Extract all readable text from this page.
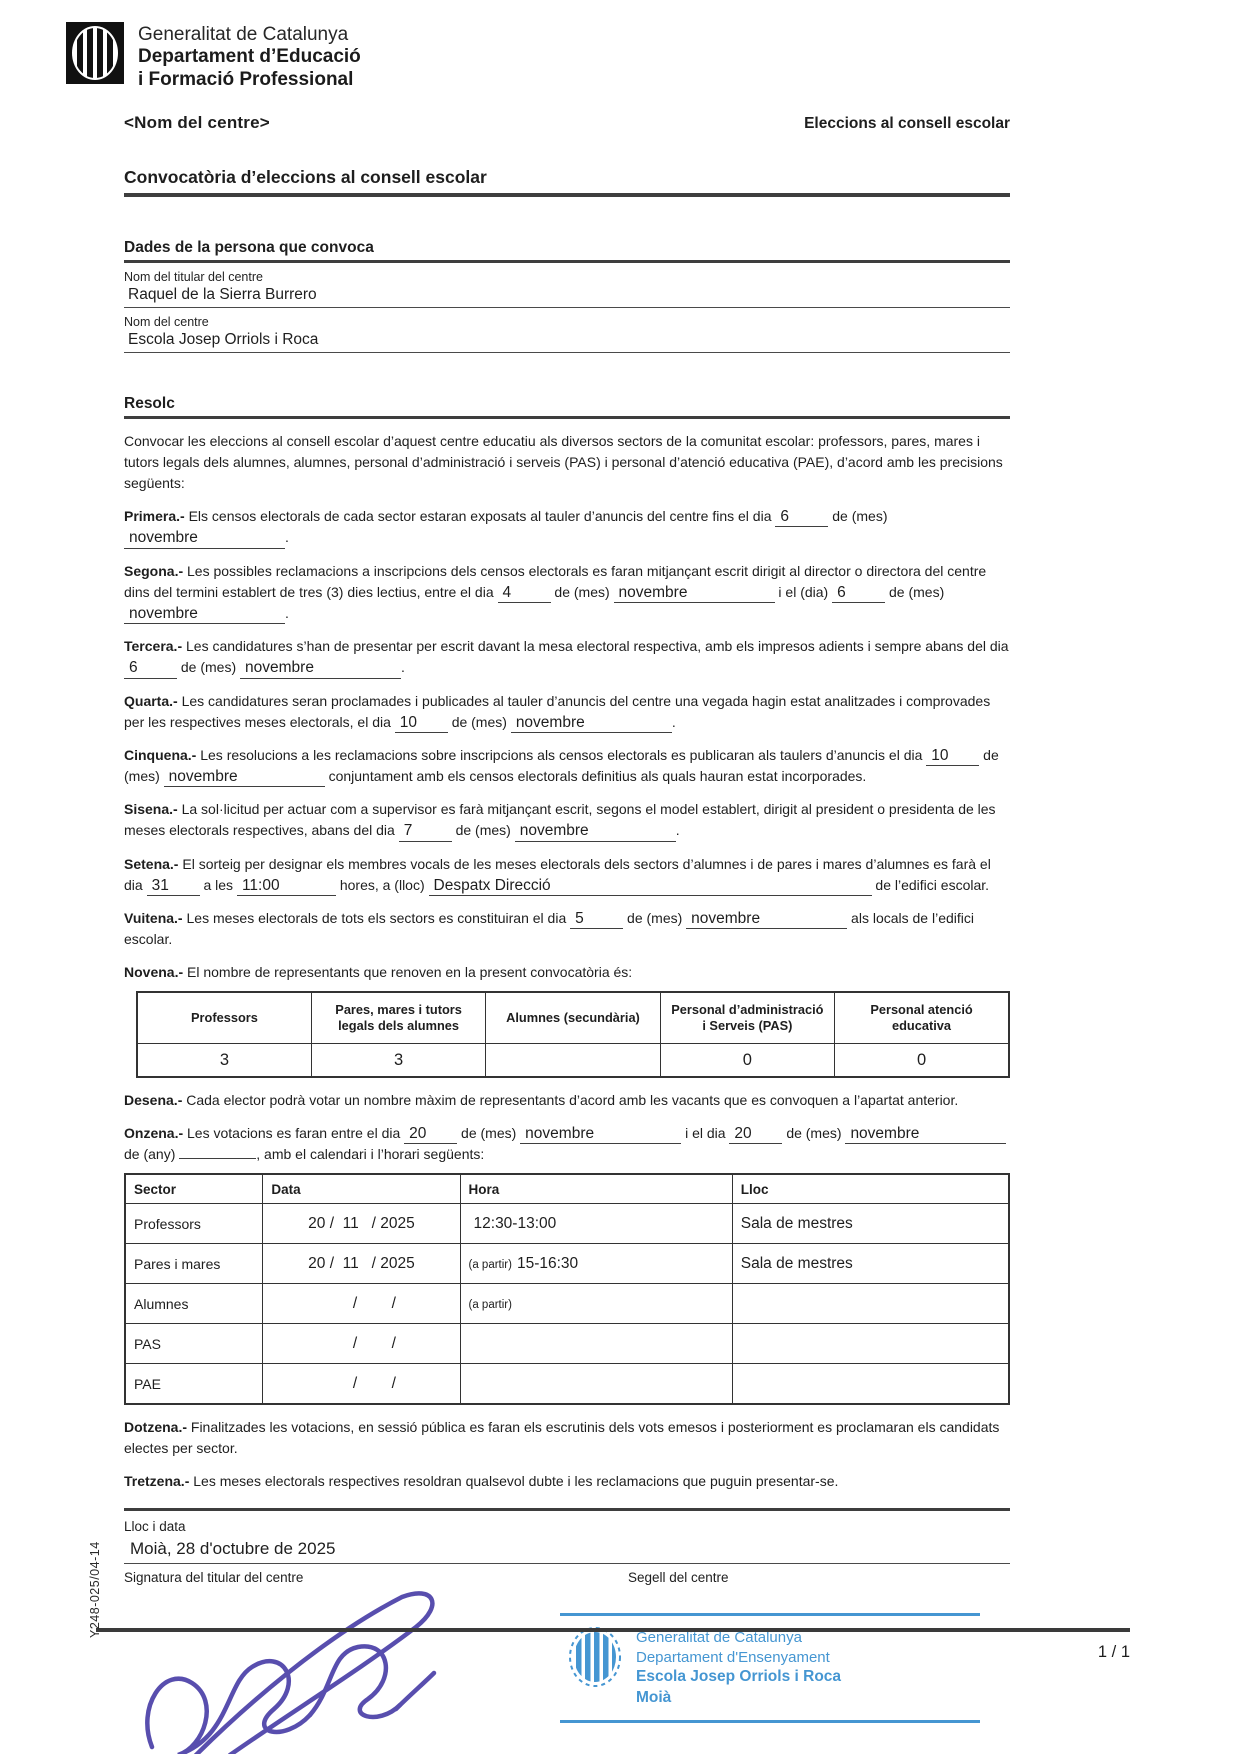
Generalitat de Catalunya
Departament d’Educació
i Formació Professional
<Nom del centre>	Eleccions al consell escolar
Convocatòria d’eleccions al consell escolar
Dades de la persona que convoca
Nom del titular del centre
Raquel de la Sierra Burrero
Nom del centre
Escola Josep Orriols i Roca
Resolc

Convocar les eleccions al consell escolar d’aquest centre educatiu als diversos sectors de la comunitat escolar: professors, pares, mares i tutors legals dels alumnes, alumnes, personal d’administració i serveis (PAS) i personal d’atenció educativa (PAE), d’acord amb les precisions següents:

Primera.- Els censos electorals de cada sector estaran exposats al tauler d’anuncis del centre fins el dia 6	de (mes) novembre	.

Segona.- Les possibles reclamacions a inscripcions dels censos electorals es faran mitjançant escrit dirigit al director o directora del centre dins del termini establert de tres (3) dies lectius, entre el dia 4	de (mes) novembre	i el (dia) 6	de (mes) novembre	.

Tercera.- Les candidatures s’han de presentar per escrit davant la mesa electoral respectiva, amb els impresos adients i sempre abans del dia 6	de (mes) novembre	.

Quarta.- Les candidatures seran proclamades i publicades al tauler d’anuncis del centre una vegada hagin estat analitzades i comprovades per les respectives meses electorals, el dia 10 de (mes) novembre	.

Cinquena.- Les resolucions a les reclamacions sobre inscripcions als censos electorals es publicaran als taulers d’anuncis el dia 10 de (mes) novembre	conjuntament amb els censos electorals definitius als quals hauran estat incorporades.

Sisena.- La sol·licitud per actuar com a supervisor es farà mitjançant escrit, segons el model establert, dirigit al president o presidenta de les meses electorals respectives, abans del dia 7	de (mes) novembre	.

Setena.- El sorteig per designar els membres vocals de les meses electorals dels sectors d’alumnes i de pares i mares d’alumnes es farà el dia 31 a les 11:00	hores, a (lloc) Despatx Direcció	de l’edifici escolar.

Vuitena.- Les meses electorals de tots els sectors es constituiran el dia 5	de (mes) novembre	als locals de l’edifici escolar.

Novena.- El nombre de representants que renoven en la present convocatòria és:

Professors	Pares, mares i tutors legals dels alumnes	Alumnes (secundària)	Personal d’administració i Serveis (PAS)	Personal atenció educativa
3	3		0	0

Desena.- Cada elector podrà votar un nombre màxim de representants d’acord amb les vacants que es convoquen a l’apartat anterior.

Onzena.- Les votacions es faran entre el dia 20 de (mes) novembre	i el dia 20 de (mes) novembre de (any)	, amb el calendari i l’horari següents:

Sector	Data	Hora	Lloc
Professors	20 /  11   / 2025	12:30-13:00	Sala de mestres
Pares i mares	20 /  11   / 2025	(a partir) 15-16:30	Sala de mestres
Alumnes	/        /	(a partir)	
PAS	/        /		
PAE	/        /		

Dotzena.- Finalitzades les votacions, en sessió pública es faran els escrutinis dels vots emesos i posteriorment es proclamaran els candidats electes per sector.

Tretzena.- Les meses electorals respectives resoldran qualsevol dubte i les reclamacions que puguin presentar-se.

Lloc i data
Moià, 28 d'octubre de 2025
Signatura del titular del centre	Segell del centre
Generalitat de Catalunya
Departament d'Ensenyament
Escola Josep Orriols i Roca
Moià
1 / 1
Y248-025/04-14
